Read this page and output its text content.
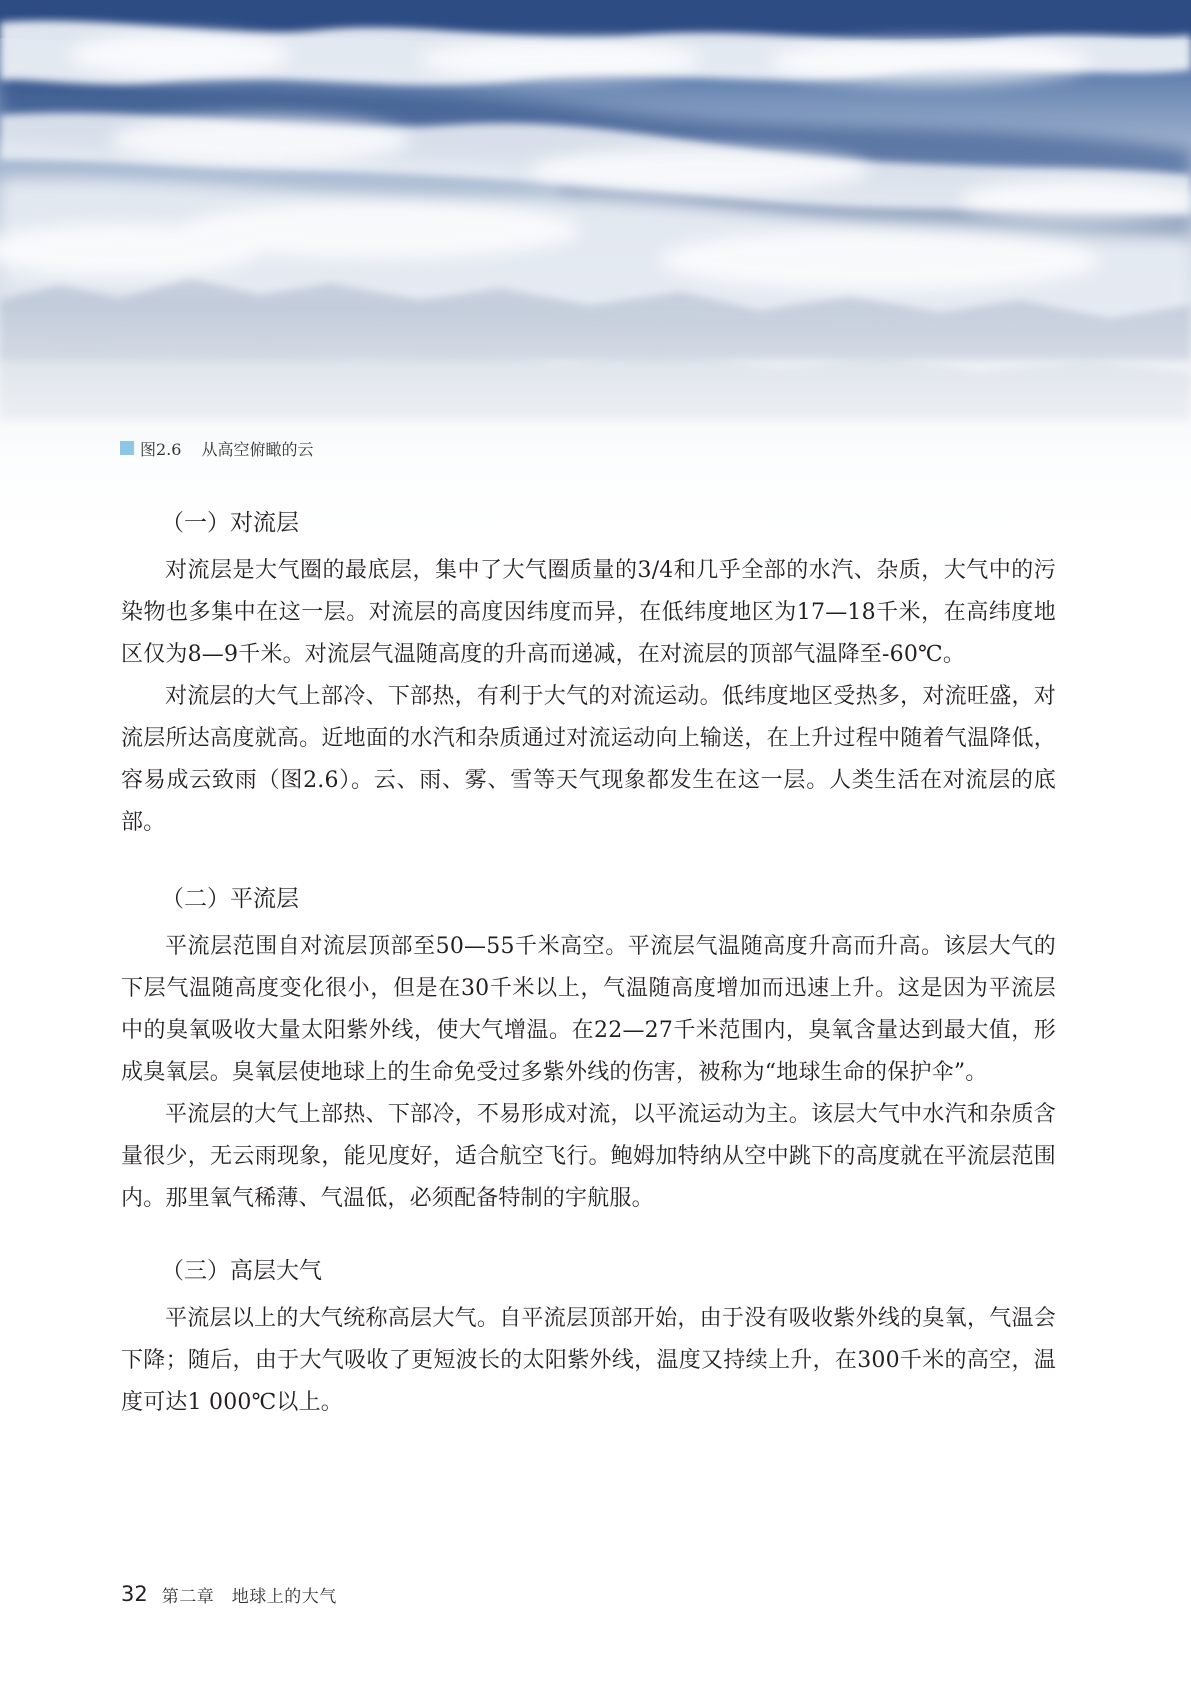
图2.6 从高空俯瞰的云
（一）对流层

对流层是大气圈的最底层，集中了大气圈质量的3/4和几乎全部的水汽、杂质，大气中的污染物也多集中在这一层。对流层的高度因纬度而异，在低纬度地区为17—18千米，在高纬度地区仅为8—9千米。对流层气温随高度的升高而递减，在对流层的顶部气温降至-60℃。

对流层的大气上部冷、下部热，有利于大气的对流运动。低纬度地区受热多，对流旺盛，对流层所达高度就高。近地面的水汽和杂质通过对流运动向上输送，在上升过程中随着气温降低，容易成云致雨（图2.6）。云、雨、雾、雪等天气现象都发生在这一层。人类生活在对流层的底部。

（二）平流层

平流层范围自对流层顶部至50—55千米高空。平流层气温随高度升高而升高。该层大气的下层气温随高度变化很小，但是在30千米以上，气温随高度增加而迅速上升。这是因为平流层中的臭氧吸收大量太阳紫外线，使大气增温。在22—27千米范围内，臭氧含量达到最大值，形成臭氧层。臭氧层使地球上的生命免受过多紫外线的伤害，被称为“地球生命的保护伞”。

平流层的大气上部热、下部冷，不易形成对流，以平流运动为主。该层大气中水汽和杂质含量很少，无云雨现象，能见度好，适合航空飞行。鲍姆加特纳从空中跳下的高度就在平流层范围内。那里氧气稀薄、气温低，必须配备特制的宇航服。

（三）高层大气

平流层以上的大气统称高层大气。自平流层顶部开始，由于没有吸收紫外线的臭氧，气温会下降；随后，由于大气吸收了更短波长的太阳紫外线，温度又持续上升，在300千米的高空，温度可达1 000℃以上。

32 第二章　地球上的大气
